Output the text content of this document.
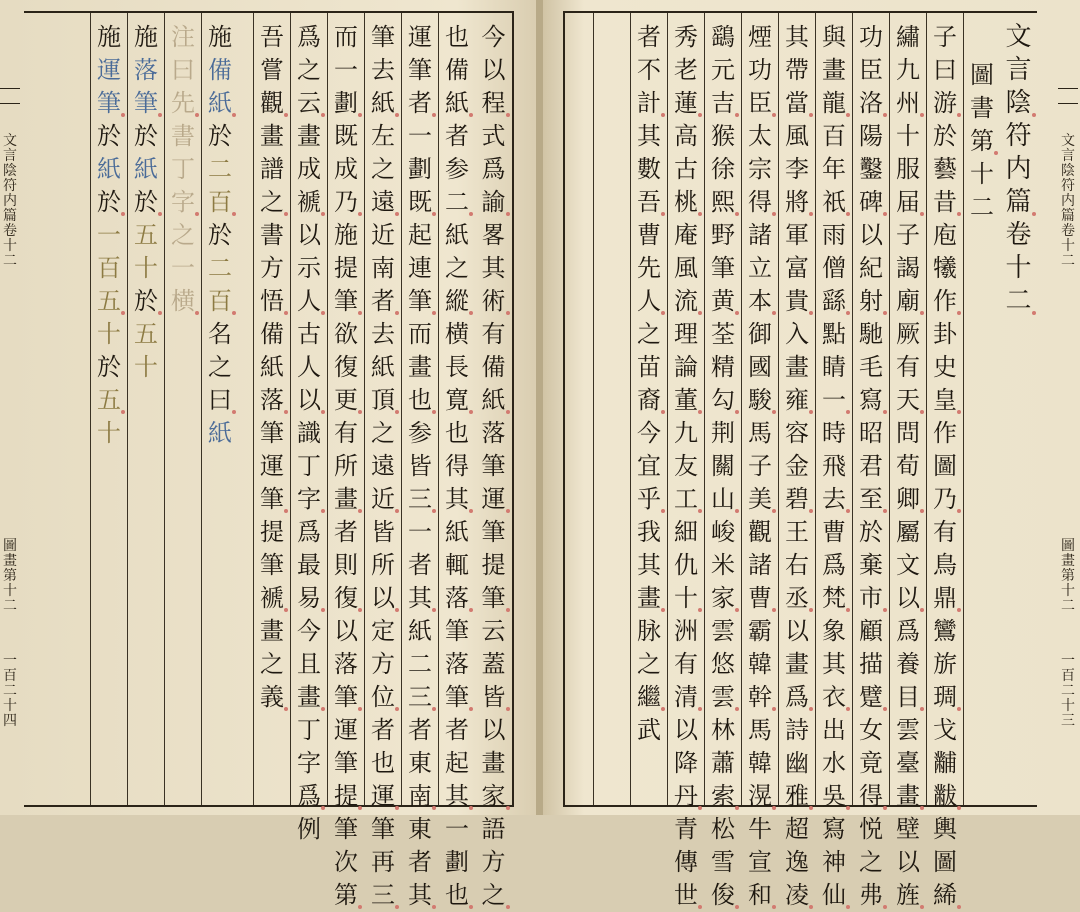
文
言
陰
符
内
篇
卷
十
二
圖
畫
第
十
二
一
百
二
十
四
文
言
陰
符
内
篇
卷
十
二
圖
畫
第
十
二
一
百
二
十
三
今
以
程
式
爲
諭
畧
其
術
有
備
紙
落
筆
運
筆
提
筆
云
蓋
皆
以
畫
家
語
方
之
也
備
紙
者
参
二
紙
之
縱
横
長
寛
也
得
其
紙
輒
落
筆
落
筆
者
起
其
一
劃
也
運
筆
者
一
劃
既
起
連
筆
而
畫
也
参
皆
三
一
者
其
紙
二
三
者
東
南
東
者
其
筆
去
紙
左
之
遠
近
南
者
去
紙
頂
之
遠
近
皆
所
以
定
方
位
者
也
運
筆
再
三
而
一
劃
既
成
乃
施
提
筆
欲
復
更
有
所
畫
者
則
復
以
落
筆
運
筆
提
筆
次
第
爲
之
云
畫
成
褫
以
示
人
古
人
以
識
丁
字
爲
最
易
今
且
畫
丁
字
爲
例
吾
嘗
觀
畫
譜
之
書
方
悟
備
紙
落
筆
運
筆
提
筆
褫
畫
之
義
施
備
紙
於
二
百
於
二
百
名
之
曰
紙
注
曰
先
書
丁
字
之
一
横
施
落
筆
於
紙
於
五
十
於
五
十
施
運
筆
於
紙
於
一
百
五
十
於
五
十
文
言
陰
符
内
篇
卷
十
二
圖
書
第
十
二
子
曰
游
於
藝
昔
庖
犧
作
卦
史
皇
作
圖
乃
有
鳥
鼎
鸞
旂
琱
戈
黼
黻
輿
圖
絺
繡
九
州
十
服
届
子
謁
廟
厥
有
天
問
荀
卿
屬
文
以
爲
養
目
雲
臺
畫
壁
以
旌
功
臣
洛
陽
鑿
碑
以
紀
射
馳
毛
寫
昭
君
至
於
棄
市
顧
描
躄
女
竟
得
悦
之
弗
與
畫
龍
百
年
祇
雨
僧
繇
點
睛
一
時
飛
去
曹
爲
梵
象
其
衣
出
水
吳
寫
神
仙
其
帶
當
風
李
將
軍
富
貴
入
畫
雍
容
金
碧
王
右
丞
以
畫
爲
詩
幽
雅
超
逸
凌
煙
功
臣
太
宗
得
諸
立
本
御
國
駿
馬
子
美
觀
諸
曹
霸
韓
幹
馬
韓
滉
牛
宣
和
鷂
元
吉
猴
徐
熙
野
筆
黄
荃
精
勾
荆
關
山
峻
米
家
雲
悠
雲
林
蕭
索
松
雪
俊
秀
老
蓮
高
古
桃
庵
風
流
理
論
董
九
友
工
細
仇
十
洲
有
清
以
降
丹
青
傳
世
者
不
計
其
數
吾
曹
先
人
之
苗
裔
今
宜
乎
我
其
畫
脉
之
繼
武
